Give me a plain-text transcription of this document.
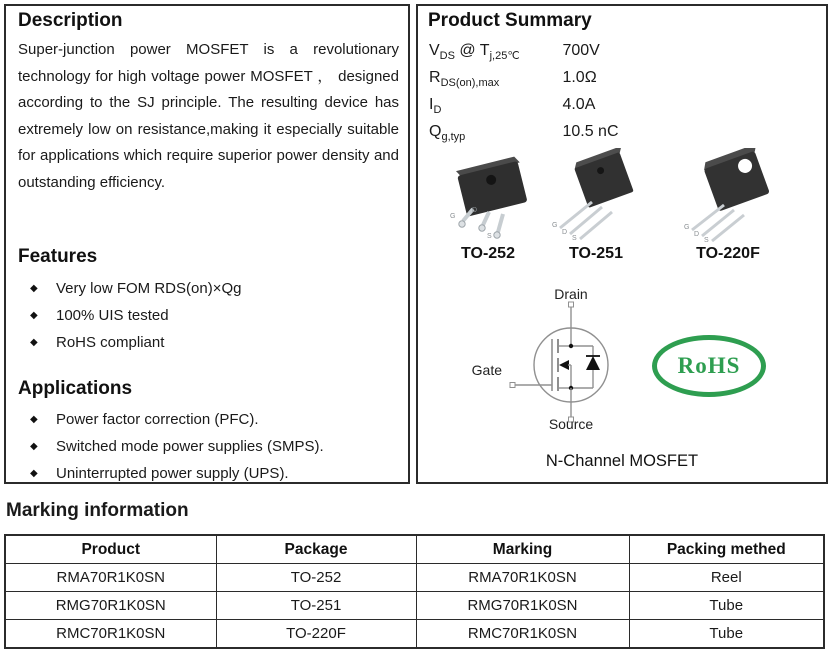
Description

Super-junction power MOSFET is a revolutionary technology for high voltage power MOSFET ， designed according to the SJ principle. The resulting device has extremely low on resistance,making it especially suitable for applications which require superior power density and outstanding efficiency.

Features
◆	Very low FOM RDS(on)×Qg
◆	100% UIS tested
◆	RoHS compliant
Applications
◆	Power factor correction (PFC).
◆	Switched mode power supplies (SMPS).
◆	Uninterrupted power supply (UPS).
Product Summary
$V_{DS}$ @ $T_{j,25℃}$	700V
$R_{DS(on),max}$	1.0Ω
$I_D$	4.0A
$Q_{g,typ}$	10.5 nC
G
D
S
TO-252
G
D
S
TO-251
G
D
S
TO-220F
Drain
Gate
Source
RoHS
N-Channel MOSFET
Marking information
Product	Package	Marking	Packing methed
RMA70R1K0SN	TO-252	RMA70R1K0SN	Reel
RMG70R1K0SN	TO-251	RMG70R1K0SN	Tube
RMC70R1K0SN	TO-220F	RMC70R1K0SN	Tube
